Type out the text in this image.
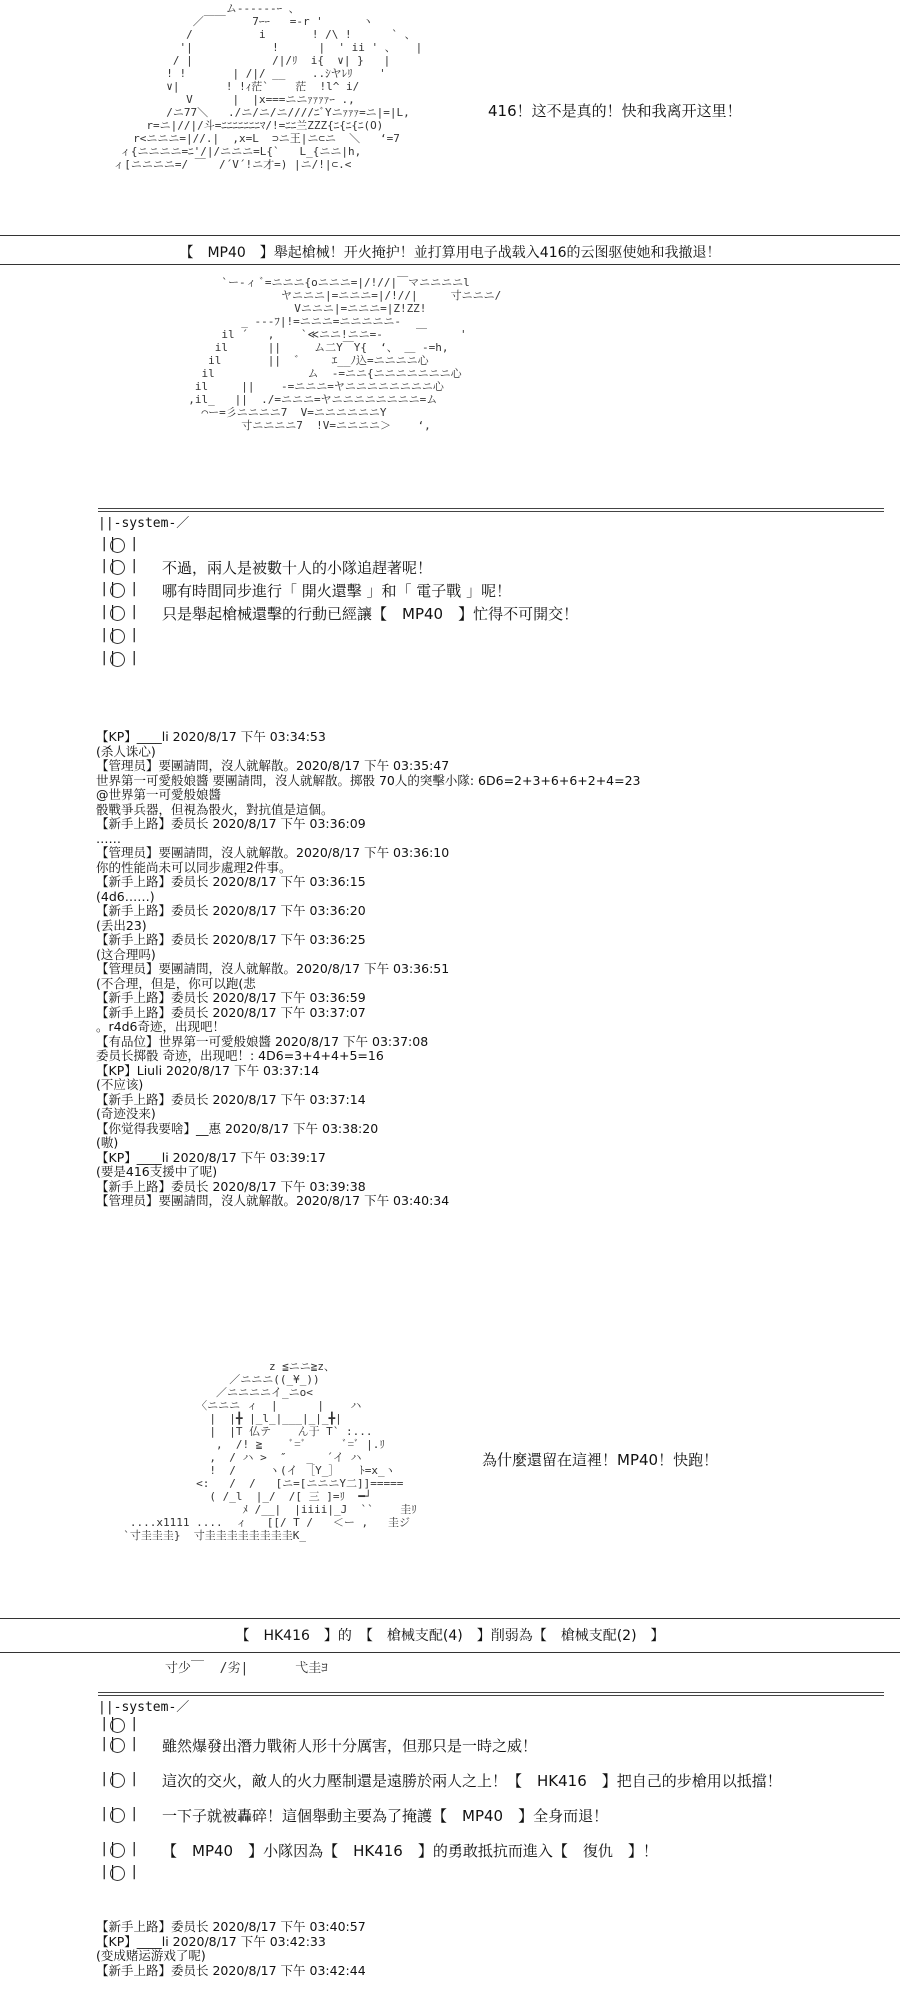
ム‐‐‐‐‐‐ｰ 、
／￣￣    7ｰｰ   =-r '      ヽ
/          i       ! /\ !      ` 、
'|            !      |  ' ii ' 、   |
/ |            /|/ﾘ  i{  ∨| }   |
! !       | /|/ __    ..ｼヤﾚﾘ    '
∨|       ! !ｨ茫`    茫  !l^ i/
V      |  |x===ニニｧｧｧｧｰ .,
/ニ77＼   ./ニ/ニ/ニ////ﾆﾞYニｧｧｧ=ニ|=|L,
r=ニ|//|/斗=ﾆﾆﾆﾆﾆﾆﾆﾏ/!=ﾆﾆ兰ZZZ{ﾆ{ﾆ{ﾆ(O)
r<ニニニ=|//.|  ,x=L  ⊃ニ王|ニ⊂ニ  ＼   ‘=7
ィ{ニニニニ=ﾆ'/|/ニニニ=L{`   L_{ニニ|h,
ィ[ニニニニ=/ ￣  /´V´!ニ才=) |ニ/!|⊂.<
416！这不是真的！快和我离开这里！
【　MP40　】舉起槍械！开火掩护！並打算用电子战载入416的云图驱使她和我撤退！
`ー-ィ ﾞ=ニニニ{oニニニ=|/!//|￣マニニニニl
ヤニニニ|=ニニニ=|/!//|     寸ニニニ/
Vニニニ|=ニニニ=|Z!ZZ!
_ -‐‐ﾌ|!=ニニニ=ニニニニニ-
il ´   ,    `≪ニニ!ニニ=-     ￣     '
il      ||     ム二Y￣Y{  ‘、 ＿ -=h,
il       ||  ゛    ｴ__ﾉ込=ニニニニ心
il              ム  -=ニニ{ニニニニニニニ心
il     ||    -=ニニニ=ヤニニニニニニニニ心
,il_   ||  ./=ニニニ=ヤニニニニニニニニ=ム
⌒ー=彡ニニニニ7  V=ニニニニニニY
寸ニニニニ7  !V=ニニニニ＞    ‘,
||-system-／
|| |
|| | 不過，兩人是被數十人的小隊追趕著呢！
|| | 哪有時間同步進行「 開火還擊 」和「 電子戰 」呢！
|| | 只是舉起槍械還擊的行動已經讓【　MP40　】忙得不可開交！
|| |
|| |
【KP】____li 2020/8/17 下午 03:34:53
(杀人诛心)
【管理员】要團請問，沒人就解散。2020/8/17 下午 03:35:47
世界第一可愛般娘醬 要團請問，沒人就解散。掷骰 70人的突擊小隊: 6D6=2+3+6+6+2+4=23
@世界第一可愛般娘醬
骰戰爭兵器，但視為骰火，對抗值是這個。
【新手上路】委员长 2020/8/17 下午 03:36:09
……
【管理员】要團請問，沒人就解散。2020/8/17 下午 03:36:10
你的性能尚未可以同步處理2件事。
【新手上路】委员长 2020/8/17 下午 03:36:15
(4d6……)
【新手上路】委员长 2020/8/17 下午 03:36:20
(丢出23)
【新手上路】委员长 2020/8/17 下午 03:36:25
(这合理吗)
【管理员】要團請問，沒人就解散。2020/8/17 下午 03:36:51
(不合理，但是，你可以跑(悲
【新手上路】委员长 2020/8/17 下午 03:36:59
【新手上路】委员长 2020/8/17 下午 03:37:07
。r4d6奇迹，出现吧！
【有品位】世界第一可愛般娘醬 2020/8/17 下午 03:37:08
委员长掷骰 奇迹，出现吧！: 4D6=3+4+4+5=16
【KP】Liuli 2020/8/17 下午 03:37:14
(不应该)
【新手上路】委员长 2020/8/17 下午 03:37:14
(奇迹没来)
【你觉得我要啥】__惠 2020/8/17 下午 03:38:20
(嗷)
【KP】____li 2020/8/17 下午 03:39:17
(要是416支援中了呢)
【新手上路】委员长 2020/8/17 下午 03:39:38
【管理员】要團請問，沒人就解散。2020/8/17 下午 03:40:34
z ≦ニニ≧z、
／ニニニ((_¥_))
／ニニニニイ_ニo<
〈ニニニ ィ  |      |    ハ
|  |╋ |_l_|___|_|_╋|
|  |T 仏テ    ん于 T` :...
,  /! ≧    ﾞ=ﾞ      ﾞ=ﾞ |.ﾘ
,  / ハ >  ″   _  ´イ ハ
!  /     ヽ(イ ［Y_］   ﾄ=x_ヽ
<:   /  /   [ニ=[ニニニY二]]=====
( /_l  |_/  /[ 三 ]=ﾘ  ━┘
ﾒ /__|  |iiii|_J  ``    圭ﾘ
....x1111 ....  ィ   [[/ T /   ＜ー ,   圭ジ
`寸圭圭圭}  寸圭圭圭圭圭圭圭圭K_
為什麼還留在這裡！MP40！快跑！
【　HK416　】的　【　槍械支配(4)　】削弱為【　槍械支配(2)　】
寸少￣  /劣|      弋圭ﾖ
||-system-／
|| |
|| | 雖然爆發出潛力戰術人形十分厲害，但那只是一時之威！
|| | 這次的交火，敵人的火力壓制還是遠勝於兩人之上！【　HK416　】把自己的步槍用以抵擋！
|| | 一下子就被轟碎！這個舉動主要為了掩護【　MP40　】全身而退！
|| | 【　MP40　】小隊因為【　HK416　】的勇敢抵抗而進入【　復仇　】！
|| |
【新手上路】委员长 2020/8/17 下午 03:40:57
【KP】____li 2020/8/17 下午 03:42:33
(变成赌运游戏了呢)
【新手上路】委员长 2020/8/17 下午 03:42:44
